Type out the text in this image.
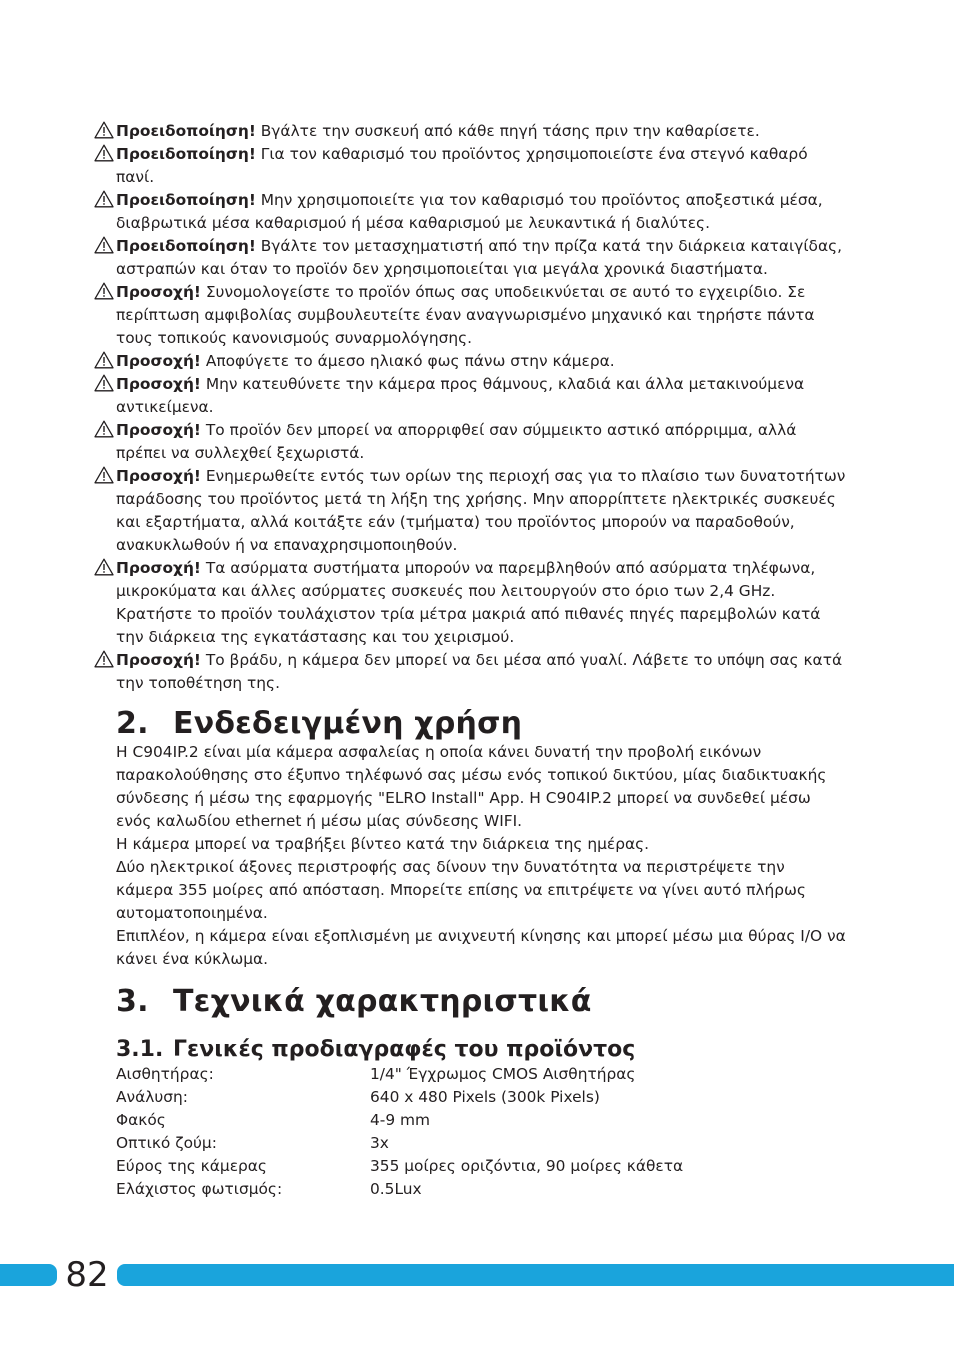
Προειδοποίηση! Βγάλτε την συσκευή από κάθε πηγή τάσης πριν την καθαρίσετε.
Προειδοποίηση! Για τον καθαρισμό του προϊόντος χρησιμοποιείστε ένα στεγνό καθαρό πανί.
Προειδοποίηση! Μην χρησιμοποιείτε για τον καθαρισμό του προϊόντος αποξεστικά μέσα, διαβρωτικά μέσα καθαρισμού ή μέσα καθαρισμού με λευκαντικά ή διαλύτες.
Προειδοποίηση! Βγάλτε τον μετασχηματιστή από την πρίζα κατά την διάρκεια καταιγίδας, αστραπών και όταν το προϊόν δεν χρησιμοποιείται για μεγάλα χρονικά διαστήματα.
Προσοχή! Συνομολογείστε το προϊόν όπως σας υποδεικνύεται σε αυτό το εγχειρίδιο. Σε περίπτωση αμφιβολίας συμβουλευτείτε έναν αναγνωρισμένο μηχανικό και τηρήστε πάντα τους τοπικούς κανονισμούς συναρμολόγησης.
Προσοχή! Αποφύγετε το άμεσο ηλιακό φως πάνω στην κάμερα.
Προσοχή! Μην κατευθύνετε την κάμερα προς θάμνους, κλαδιά και άλλα μετακινούμενα αντικείμενα.
Προσοχή! Το προϊόν δεν μπορεί να απορριφθεί σαν σύμμεικτο αστικό απόρριμμα, αλλά πρέπει να συλλεχθεί ξεχωριστά.
Προσοχή! Ενημερωθείτε εντός των ορίων της περιοχή σας για το πλαίσιο των δυνατοτήτων παράδοσης του προϊόντος μετά τη λήξη της χρήσης. Μην απορρίπτετε ηλεκτρικές συσκευές και εξαρτήματα, αλλά κοιτάξτε εάν (τμήματα) του προϊόντος μπορούν να παραδοθούν, ανακυκλωθούν ή να επαναχρησιμοποιηθούν.
Προσοχή! Τα ασύρματα συστήματα μπορούν να παρεμβληθούν από ασύρματα τηλέφωνα, μικροκύματα και άλλες ασύρματες συσκευές που λειτουργούν στο όριο των 2,4 GHz. Κρατήστε το προϊόν τουλάχιστον τρία μέτρα μακριά από πιθανές πηγές παρεμβολών κατά την διάρκεια της εγκατάστασης και του χειρισμού.
Προσοχή! Το βράδυ, η κάμερα δεν μπορεί να δει μέσα από γυαλί. Λάβετε το υπόψη σας κατά την τοποθέτηση της.
2. Ενδεδειγμένη χρήση
Η C904IP.2 είναι μία κάμερα ασφαλείας η οποία κάνει δυνατή την προβολή εικόνων παρακολούθησης στο έξυπνο τηλέφωνό σας μέσω ενός τοπικού δικτύου, μίας διαδικτυακής σύνδεσης ή μέσω της εφαρμογής "ELRO Install" App. Η C904IP.2 μπορεί να συνδεθεί μέσω ενός καλωδίου ethernet ή μέσω μίας σύνδεσης WIFI.
Η κάμερα μπορεί να τραβήξει βίντεο κατά την διάρκεια της ημέρας.
Δύο ηλεκτρικοί άξονες περιστροφής σας δίνουν την δυνατότητα να περιστρέψετε την κάμερα 355 μοίρες από απόσταση. Μπορείτε επίσης να επιτρέψετε να γίνει αυτό πλήρως αυτοματοποιημένα.
Επιπλέον, η κάμερα είναι εξοπλισμένη με ανιχνευτή κίνησης και μπορεί μέσω μια θύρας I/O να κάνει ένα κύκλωμα.
3. Τεχνικά χαρακτηριστικά
3.1. Γενικές προδιαγραφές του προϊόντος
Αισθητήρας:	1/4" Έγχρωμος CMOS Αισθητήρας
Ανάλυση:	640 x 480 Pixels (300k Pixels)
Φακός	4-9 mm
Οπτικό ζούμ:	3x
Εύρος της κάμερας	355 μοίρες οριζόντια, 90 μοίρες κάθετα
Ελάχιστος φωτισμός:	0.5Lux
82
